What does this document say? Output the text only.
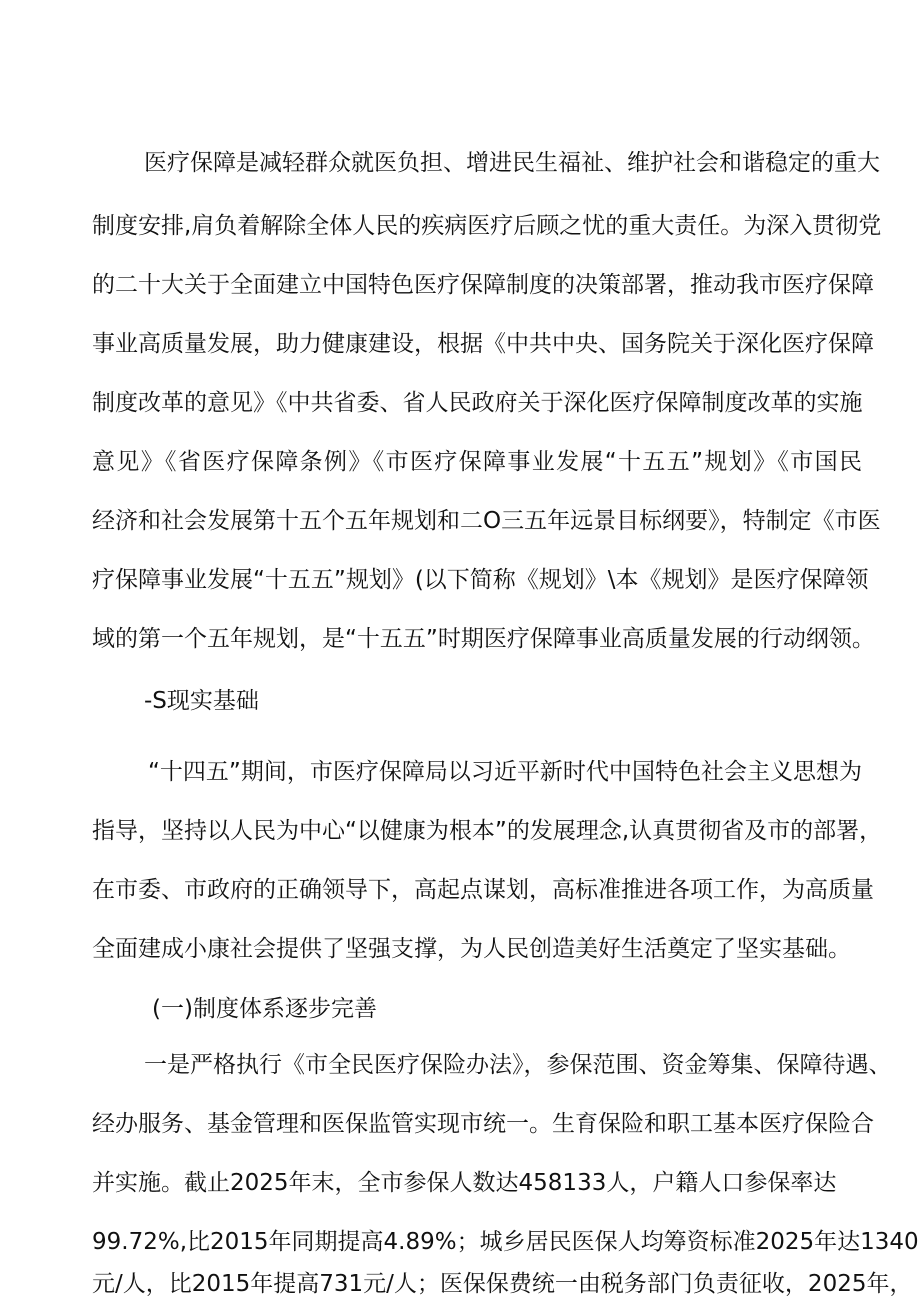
医疗保障是减轻群众就医负担、增进民生福祉、维护社会和谐稳定的重大
制度安排,肩负着解除全体人民的疾病医疗后顾之忧的重大责任。为深入贯彻党
的二十大关于全面建立中国特色医疗保障制度的决策部署，推动我市医疗保障
事业高质量发展，助力健康建设，根据《中共中央、国务院关于深化医疗保障
制度改革的意见》《中共省委、省人民政府关于深化医疗保障制度改革的实施
意见》《省医疗保障条例》《市医疗保障事业发展“十五五”规划》《市国民
经济和社会发展第十五个五年规划和二O三五年远景目标纲要》，特制定《市医
疗保障事业发展“十五五”规划》(以下简称《规划》\本《规划》是医疗保障领
域的第一个五年规划，是“十五五”时期医疗保障事业高质量发展的行动纲领。
-S现实基础
“十四五”期间，市医疗保障局以习近平新时代中国特色社会主义思想为
指导，坚持以人民为中心“以健康为根本”的发展理念,认真贯彻省及市的部署，
在市委、市政府的正确领导下，高起点谋划，高标准推进各项工作，为高质量
全面建成小康社会提供了坚强支撑，为人民创造美好生活奠定了坚实基础。
(一)制度体系逐步完善
一是严格执行《市全民医疗保险办法》，参保范围、资金筹集、保障待遇、
经办服务、基金管理和医保监管实现市统一。生育保险和职工基本医疗保险合
并实施。截止2025年末，全市参保人数达458133人，户籍人口参保率达
99.72%,比2015年同期提高4.89%；城乡居民医保人均筹资标准2025年达1340
元/人，比2015年提高731元/人；医保保费统一由税务部门负责征收，2025年，
